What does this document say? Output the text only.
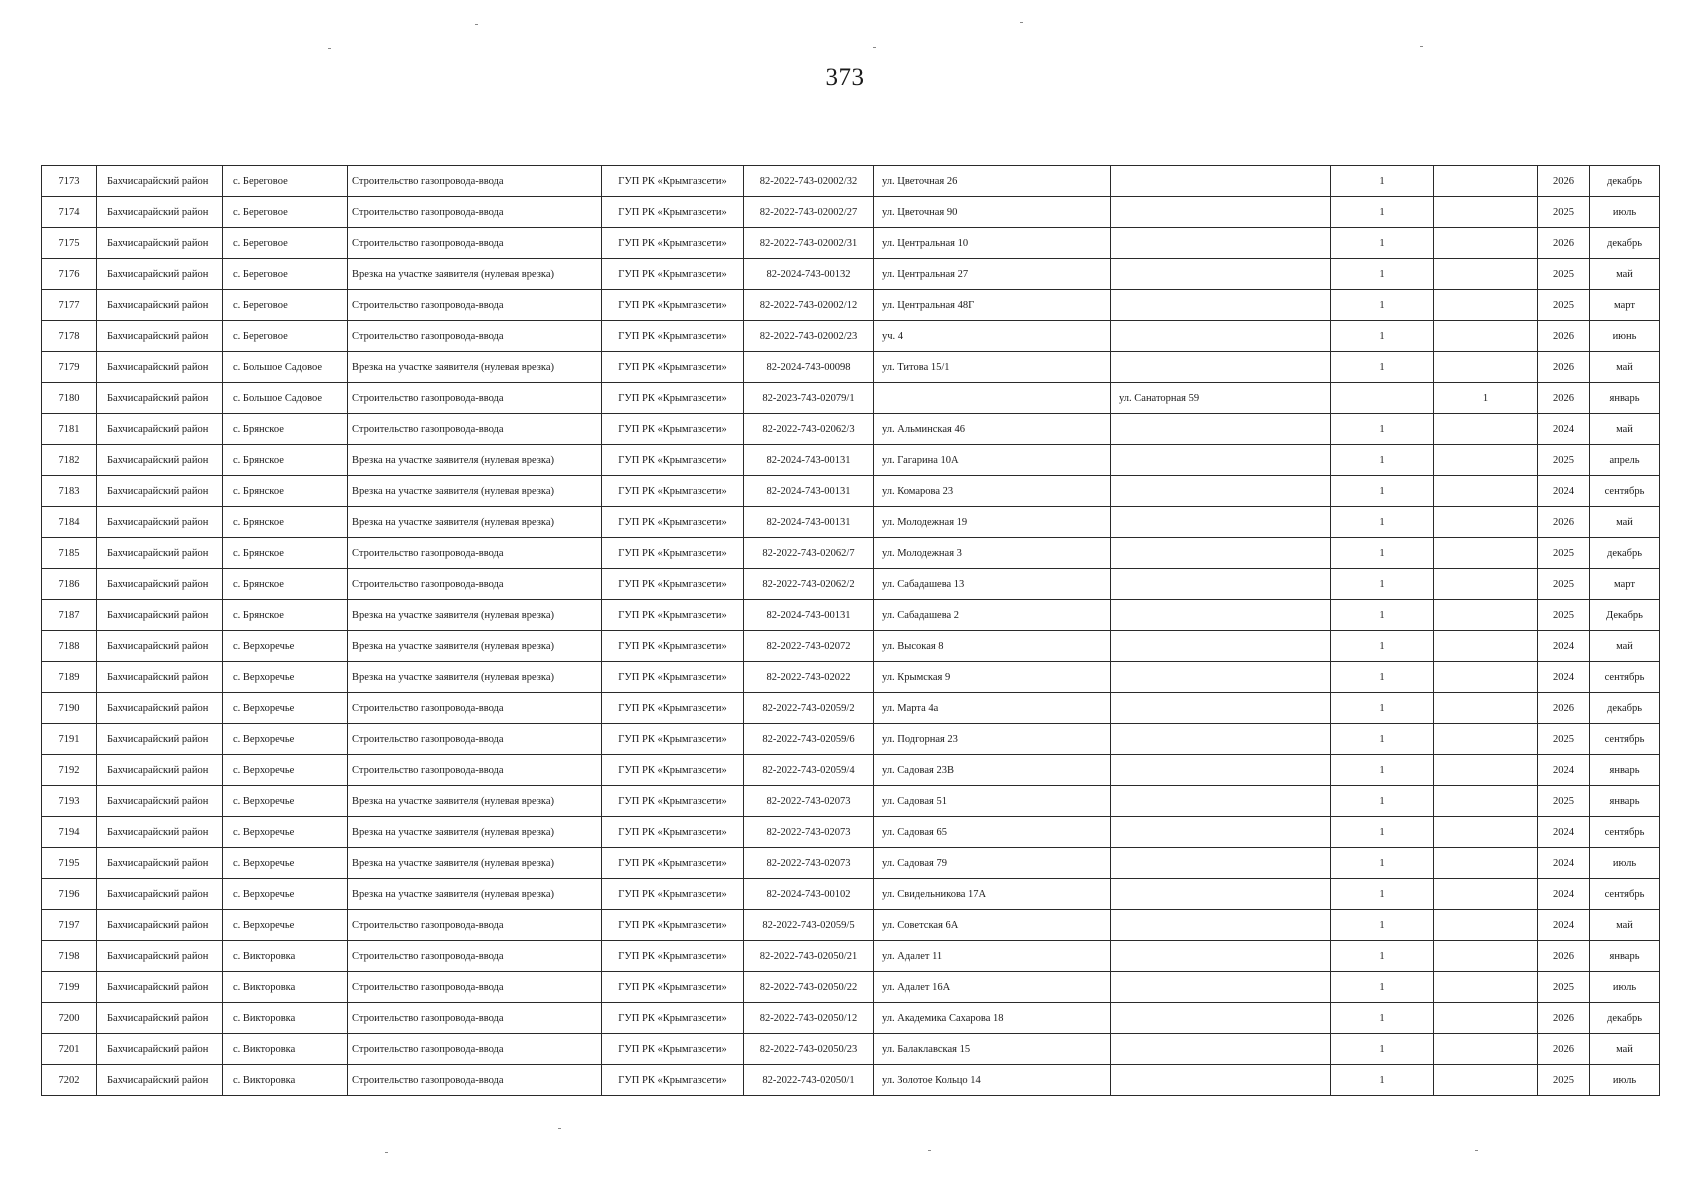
373
7173	Бахчисарайский район	с. Береговое	Строительство газопровода-ввода	ГУП РК «Крымгазсети»	82-2022-743-02002/32	ул. Цветочная 26		1		2026	декабрь
7174	Бахчисарайский район	с. Береговое	Строительство газопровода-ввода	ГУП РК «Крымгазсети»	82-2022-743-02002/27	ул. Цветочная 90		1		2025	июль
7175	Бахчисарайский район	с. Береговое	Строительство газопровода-ввода	ГУП РК «Крымгазсети»	82-2022-743-02002/31	ул. Центральная 10		1		2026	декабрь
7176	Бахчисарайский район	с. Береговое	Врезка на участке заявителя (нулевая врезка)	ГУП РК «Крымгазсети»	82-2024-743-00132	ул. Центральная 27		1		2025	май
7177	Бахчисарайский район	с. Береговое	Строительство газопровода-ввода	ГУП РК «Крымгазсети»	82-2022-743-02002/12	ул. Центральная 48Г		1		2025	март
7178	Бахчисарайский район	с. Береговое	Строительство газопровода-ввода	ГУП РК «Крымгазсети»	82-2022-743-02002/23	уч. 4		1		2026	июнь
7179	Бахчисарайский район	с. Большое Садовое	Врезка на участке заявителя (нулевая врезка)	ГУП РК «Крымгазсети»	82-2024-743-00098	ул. Титова 15/1		1		2026	май
7180	Бахчисарайский район	с. Большое Садовое	Строительство газопровода-ввода	ГУП РК «Крымгазсети»	82-2023-743-02079/1		ул. Санаторная 59		1	2026	январь
7181	Бахчисарайский район	с. Брянское	Строительство газопровода-ввода	ГУП РК «Крымгазсети»	82-2022-743-02062/3	ул. Альминская 46		1		2024	май
7182	Бахчисарайский район	с. Брянское	Врезка на участке заявителя (нулевая врезка)	ГУП РК «Крымгазсети»	82-2024-743-00131	ул. Гагарина 10А		1		2025	апрель
7183	Бахчисарайский район	с. Брянское	Врезка на участке заявителя (нулевая врезка)	ГУП РК «Крымгазсети»	82-2024-743-00131	ул. Комарова 23		1		2024	сентябрь
7184	Бахчисарайский район	с. Брянское	Врезка на участке заявителя (нулевая врезка)	ГУП РК «Крымгазсети»	82-2024-743-00131	ул. Молодежная 19		1		2026	май
7185	Бахчисарайский район	с. Брянское	Строительство газопровода-ввода	ГУП РК «Крымгазсети»	82-2022-743-02062/7	ул. Молодежная 3		1		2025	декабрь
7186	Бахчисарайский район	с. Брянское	Строительство газопровода-ввода	ГУП РК «Крымгазсети»	82-2022-743-02062/2	ул. Сабадашева 13		1		2025	март
7187	Бахчисарайский район	с. Брянское	Врезка на участке заявителя (нулевая врезка)	ГУП РК «Крымгазсети»	82-2024-743-00131	ул. Сабадашева 2		1		2025	Декабрь
7188	Бахчисарайский район	с. Верхоречье	Врезка на участке заявителя (нулевая врезка)	ГУП РК «Крымгазсети»	82-2022-743-02072	ул. Высокая 8		1		2024	май
7189	Бахчисарайский район	с. Верхоречье	Врезка на участке заявителя (нулевая врезка)	ГУП РК «Крымгазсети»	82-2022-743-02022	ул. Крымская 9		1		2024	сентябрь
7190	Бахчисарайский район	с. Верхоречье	Строительство газопровода-ввода	ГУП РК «Крымгазсети»	82-2022-743-02059/2	ул. Марта 4а		1		2026	декабрь
7191	Бахчисарайский район	с. Верхоречье	Строительство газопровода-ввода	ГУП РК «Крымгазсети»	82-2022-743-02059/6	ул. Подгорная 23		1		2025	сентябрь
7192	Бахчисарайский район	с. Верхоречье	Строительство газопровода-ввода	ГУП РК «Крымгазсети»	82-2022-743-02059/4	ул. Садовая 23В		1		2024	январь
7193	Бахчисарайский район	с. Верхоречье	Врезка на участке заявителя (нулевая врезка)	ГУП РК «Крымгазсети»	82-2022-743-02073	ул. Садовая 51		1		2025	январь
7194	Бахчисарайский район	с. Верхоречье	Врезка на участке заявителя (нулевая врезка)	ГУП РК «Крымгазсети»	82-2022-743-02073	ул. Садовая 65		1		2024	сентябрь
7195	Бахчисарайский район	с. Верхоречье	Врезка на участке заявителя (нулевая врезка)	ГУП РК «Крымгазсети»	82-2022-743-02073	ул. Садовая 79		1		2024	июль
7196	Бахчисарайский район	с. Верхоречье	Врезка на участке заявителя (нулевая врезка)	ГУП РК «Крымгазсети»	82-2024-743-00102	ул. Свидельникова 17А		1		2024	сентябрь
7197	Бахчисарайский район	с. Верхоречье	Строительство газопровода-ввода	ГУП РК «Крымгазсети»	82-2022-743-02059/5	ул. Советская 6А		1		2024	май
7198	Бахчисарайский район	с. Викторовка	Строительство газопровода-ввода	ГУП РК «Крымгазсети»	82-2022-743-02050/21	ул. Адалет 11		1		2026	январь
7199	Бахчисарайский район	с. Викторовка	Строительство газопровода-ввода	ГУП РК «Крымгазсети»	82-2022-743-02050/22	ул. Адалет 16А		1		2025	июль
7200	Бахчисарайский район	с. Викторовка	Строительство газопровода-ввода	ГУП РК «Крымгазсети»	82-2022-743-02050/12	ул. Академика Сахарова 18		1		2026	декабрь
7201	Бахчисарайский район	с. Викторовка	Строительство газопровода-ввода	ГУП РК «Крымгазсети»	82-2022-743-02050/23	ул. Балаклавская 15		1		2026	май
7202	Бахчисарайский район	с. Викторовка	Строительство газопровода-ввода	ГУП РК «Крымгазсети»	82-2022-743-02050/1	ул. Золотое Кольцо 14		1		2025	июль
